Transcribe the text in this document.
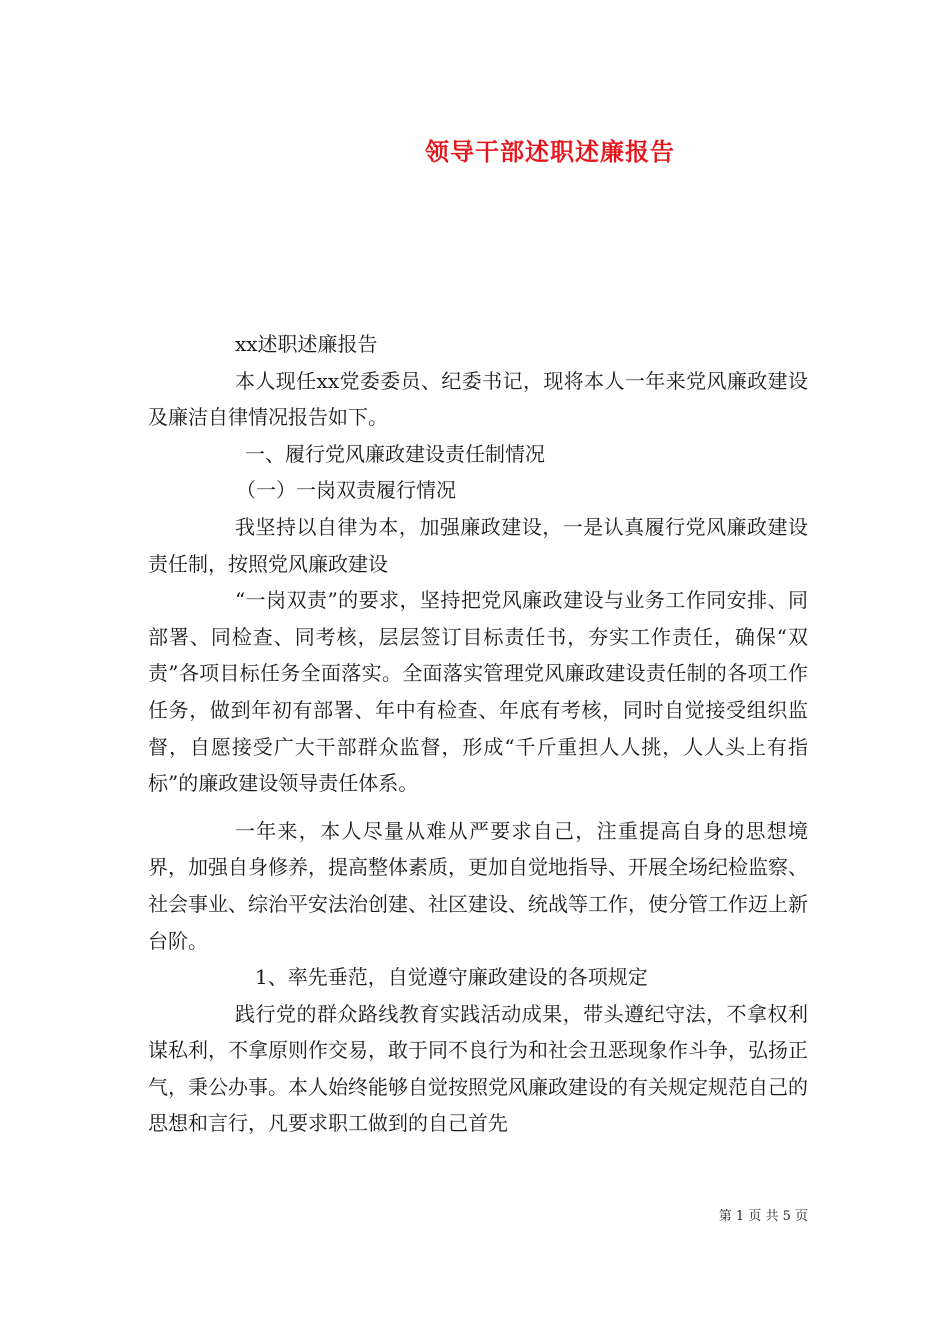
领导干部述职述廉报告

xx述职述廉报告

本人现任xx党委委员、纪委书记，现将本人一年来党风廉政建设及廉洁自律情况报告如下。

一、履行党风廉政建设责任制情况

（一）一岗双责履行情况

我坚持以自律为本，加强廉政建设，一是认真履行党风廉政建设责任制，按照党风廉政建设

“一岗双责”的要求，坚持把党风廉政建设与业务工作同安排、同部署、同检查、同考核，层层签订目标责任书，夯实工作责任，确保“双责”各项目标任务全面落实。全面落实管理党风廉政建设责任制的各项工作任务，做到年初有部署、年中有检查、年底有考核，同时自觉接受组织监督，自愿接受广大干部群众监督，形成“千斤重担人人挑，人人头上有指标”的廉政建设领导责任体系。

一年来，本人尽量从难从严要求自己，注重提高自身的思想境界，加强自身修养，提高整体素质，更加自觉地指导、开展全场纪检监察、社会事业、综治平安法治创建、社区建设、统战等工作，使分管工作迈上新台阶。

1、率先垂范，自觉遵守廉政建设的各项规定

践行党的群众路线教育实践活动成果，带头遵纪守法，不拿权利谋私利，不拿原则作交易，敢于同不良行为和社会丑恶现象作斗争，弘扬正气，秉公办事。本人始终能够自觉按照党风廉政建设的有关规定规范自己的思想和言行，凡要求职工做到的自己首先

第 1 页 共 5 页
